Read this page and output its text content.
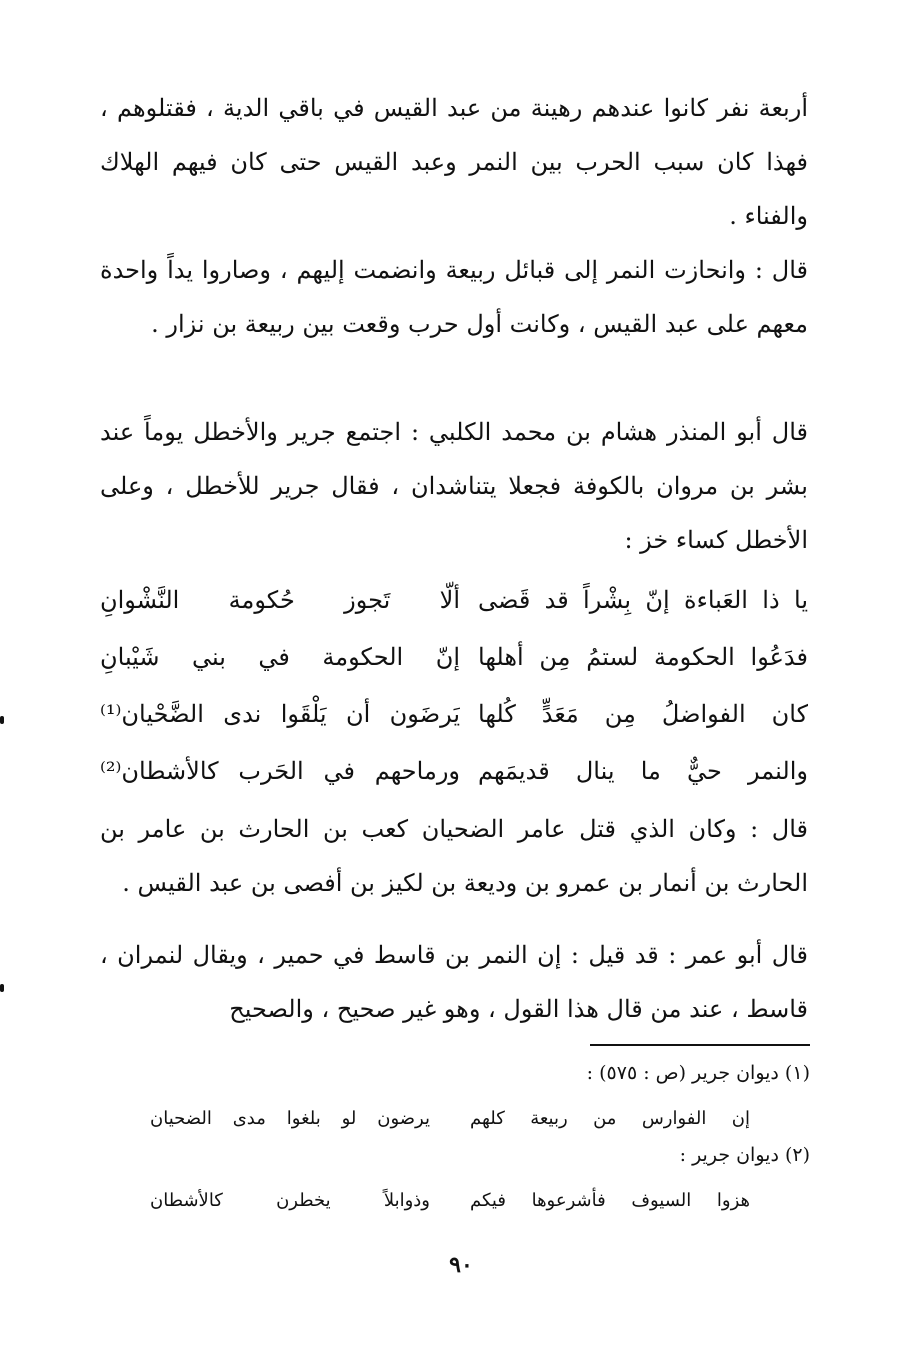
أربعة نفر كانوا عندهم رهينة من عبد القيس في باقي الدية ، فقتلوهم ، فهذا كان سبب الحرب بين النمر وعبد القيس حتى كان فيهم الهلاك والفناء .
قال : وانحازت النمر إلى قبائل ربيعة وانضمت إليهم ، وصاروا يداً واحدة معهم على عبد القيس ، وكانت أول حرب وقعت بين ربيعة بن نزار .
قال أبو المنذر هشام بن محمد الكلبي : اجتمع جرير والأخطل يوماً عند بشر بن مروان بالكوفة فجعلا يتناشدان ، فقال جرير للأخطل ، وعلى الأخطل كساء خز :
يا ذا العَباءة إنّ بِشْراً قد قَضى
ألّا تَجوز حُكومة النَّشْوانِ
فدَعُوا الحكومة لستمُ مِن أهلها
إنّ الحكومة في بني شَيْبانِ
كان الفواضلُ مِن مَعَدٍّ كُلها
يَرضَون أن يَلْقَوا ندى الضَّحْيان⁽¹⁾
والنمر حيٌّ ما ينال قديمَهم
ورماحهم في الحَرب كالأشطان⁽²⁾
قال : وكان الذي قتل عامر الضحيان كعب بن الحارث بن عامر بن الحارث بن أنمار بن عمرو بن وديعة بن لكيز بن أفصى بن عبد القيس .
قال أبو عمر : قد قيل : إن النمر بن قاسط في حمير ، ويقال لنمران ، قاسط ، عند من قال هذا القول ، وهو غير صحيح ، والصحيح
(١) ديوان جرير (ص : ٥٧٥) :
إن الفوارس من ربيعة كلهم
يرضون لو بلغوا مدى الضحيان
(٢) ديوان جرير :
هزوا السيوف فأشرعوها فيكم
وذوابلاً يخطرن كالأشطان
٩٠
